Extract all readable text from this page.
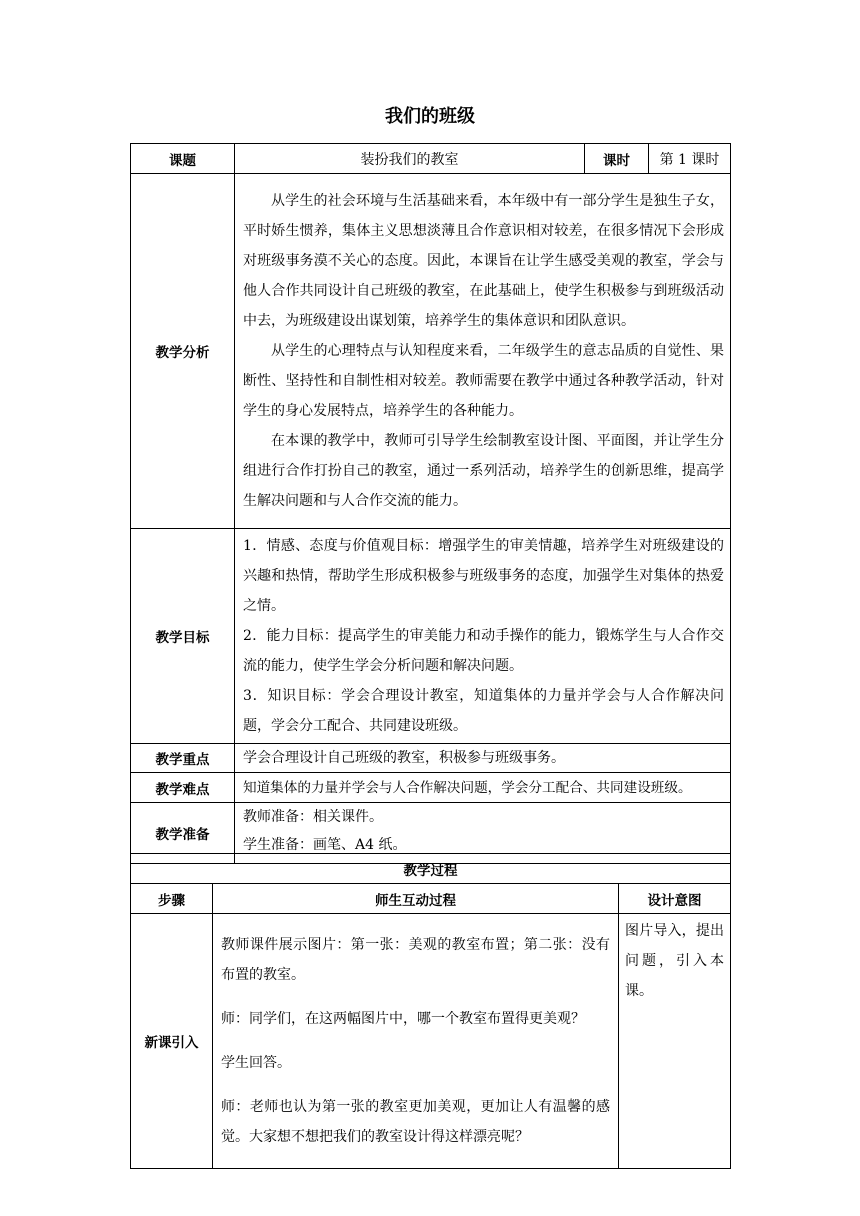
我们的班级
课题	装扮我们的教室	课时	第 1 课时
教学分析	从学生的社会环境与生活基础来看，本年级中有一部分学生是独生子女，平时娇生惯养，集体主义思想淡薄且合作意识相对较差，在很多情况下会形成对班级事务漠不关心的态度。因此，本课旨在让学生感受美观的教室，学会与他人合作共同设计自己班级的教室，在此基础上，使学生积极参与到班级活动中去，为班级建设出谋划策，培养学生的集体意识和团队意识。

从学生的心理特点与认知程度来看，二年级学生的意志品质的自觉性、果断性、坚持性和自制性相对较差。教师需要在教学中通过各种教学活动，针对学生的身心发展特点，培养学生的各种能力。

在本课的教学中，教师可引导学生绘制教室设计图、平面图，并让学生分组进行合作打扮自己的教室，通过一系列活动，培养学生的创新思维，提高学生解决问题和与人合作交流的能力。		

教学目标	1．情感、态度与价值观目标：增强学生的审美情趣，培养学生对班级建设的兴趣和热情，帮助学生形成积极参与班级事务的态度，加强学生对集体的热爱之情。

2．能力目标：提高学生的审美能力和动手操作的能力，锻炼学生与人合作交流的能力，使学生学会分析问题和解决问题。

3．知识目标：学会合理设计教室，知道集体的力量并学会与人合作解决问题，学会分工配合、共同建设班级。		

教学重点	学会合理设计自己班级的教室，积极参与班级事务。		
教学难点	知道集体的力量并学会与人合作解决问题，学会分工配合、共同建设班级。		
教学准备	教师准备：相关课件。

学生准备：画笔、A4 纸。		

教学过程		
步骤	师生互动过程	设计意图
新课引入	教师课件展示图片：第一张：美观的教室布置；第二张：没有布置的教室。

师：同学们，在这两幅图片中，哪一个教室布置得更美观？

学生回答。

师：老师也认为第一张的教室更加美观，更加让人有温馨的感觉。大家想不想把我们的教室设计得这样漂亮呢？	图片导入，提出问题，引入本课。
